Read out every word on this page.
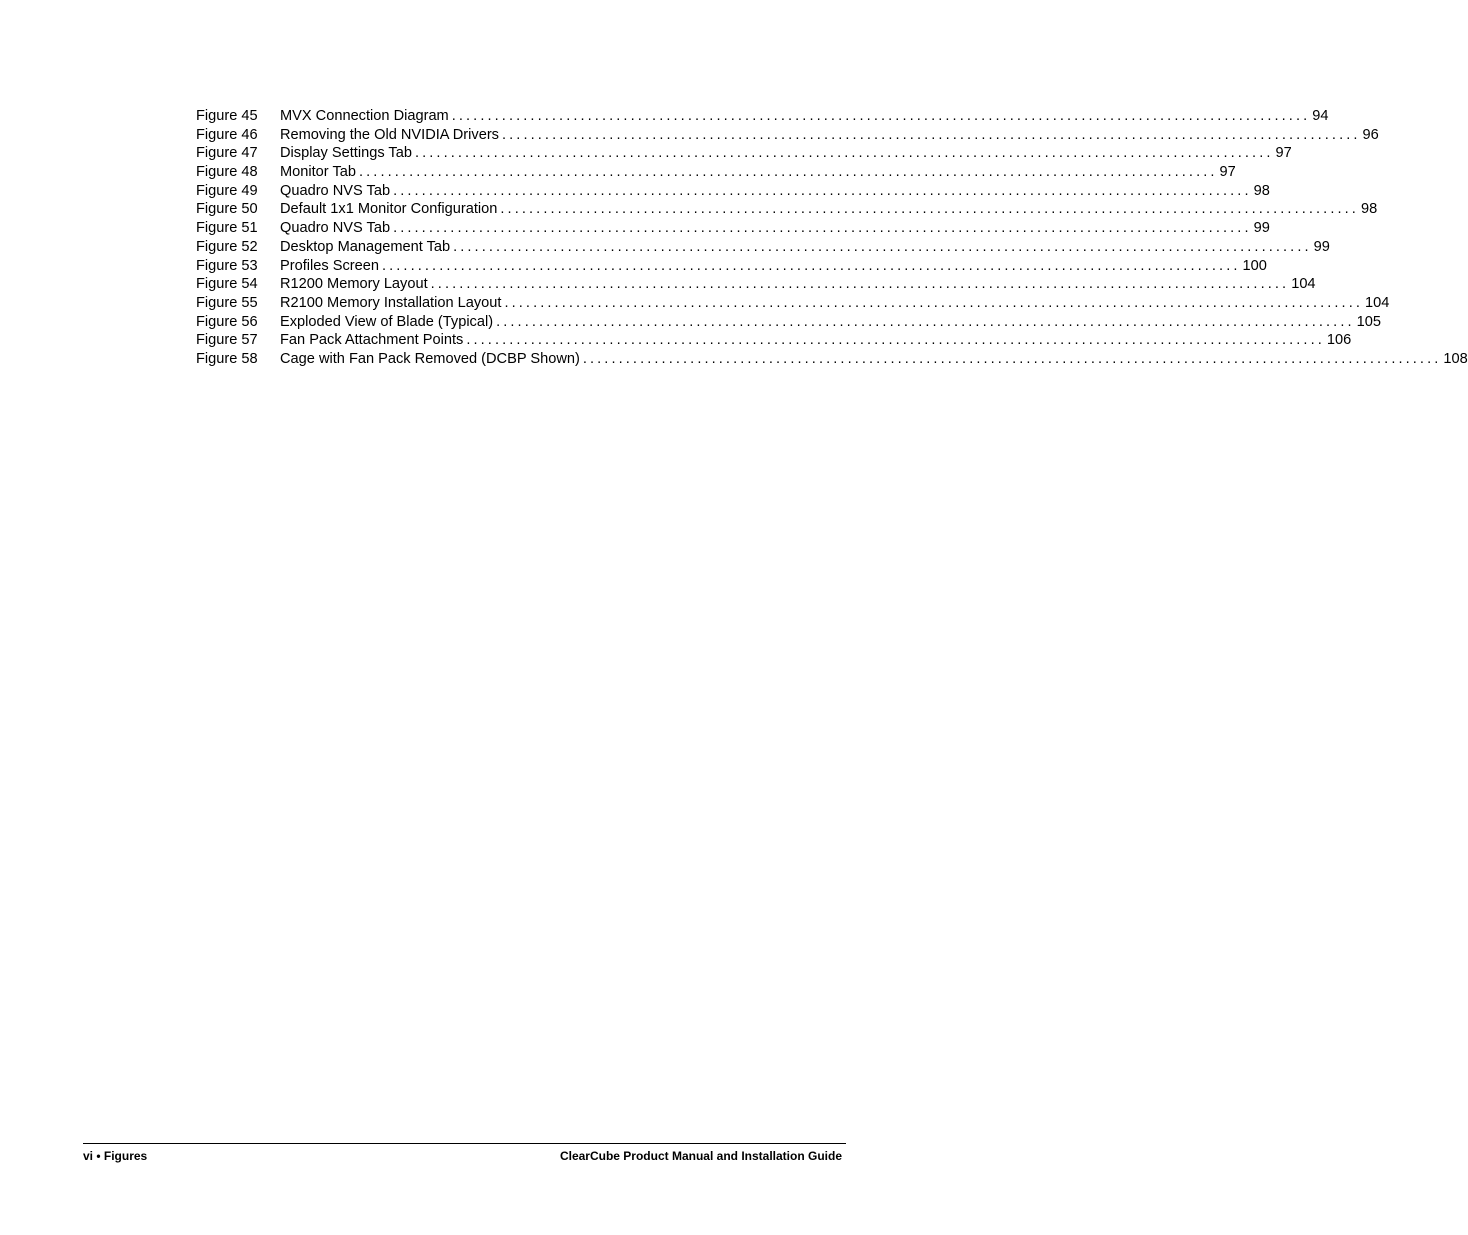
Figure 45	MVX Connection Diagram ........................................................................................................................ 94
Figure 46	Removing the Old NVIDIA Drivers ........................................................................................................................ 96
Figure 47	Display Settings Tab ........................................................................................................................ 97
Figure 48	Monitor Tab ........................................................................................................................ 97
Figure 49	Quadro NVS Tab ........................................................................................................................ 98
Figure 50	Default 1x1 Monitor Configuration ........................................................................................................................ 98
Figure 51	Quadro NVS Tab ........................................................................................................................ 99
Figure 52	Desktop Management Tab ........................................................................................................................ 99
Figure 53	Profiles Screen ........................................................................................................................ 100
Figure 54	R1200 Memory Layout ........................................................................................................................ 104
Figure 55	R2100 Memory Installation Layout ........................................................................................................................ 104
Figure 56	Exploded View of Blade (Typical) ........................................................................................................................ 105
Figure 57	Fan Pack Attachment Points ........................................................................................................................ 106
Figure 58	Cage with Fan Pack Removed (DCBP Shown) ........................................................................................................................ 108
vi • Figures	ClearCube Product Manual and Installation Guide
